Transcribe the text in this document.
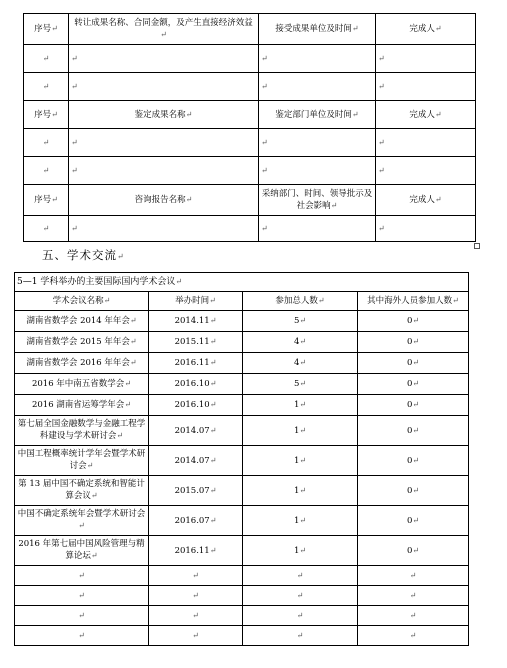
序号↵	转让成果名称、合同金额，及产生直接经济效益↵	接受成果单位及时间↵	完成人↵
↵	↵	↵	↵
↵	↵	↵	↵
序号↵	鉴定成果名称↵	鉴定部门单位及时间↵	完成人↵
↵	↵	↵	↵
↵	↵	↵	↵
序号↵	咨询报告名称↵	采纳部门、时间、领导批示及社会影响↵	完成人↵
↵	↵	↵	↵
五、学术交流↵
5—1 学科举办的主要国际国内学术会议↵			
学术会议名称↵	举办时间↵	参加总人数↵	其中海外人员参加人数↵
湖南省数学会 2014 年年会↵	2014.11↵	5↵	0↵
湖南省数学会 2015 年年会↵	2015.11↵	4↵	0↵
湖南省数学会 2016 年年会↵	2016.11↵	4↵	0↵
2016 年中南五省数学会↵	2016.10↵	5↵	0↵
2016 湖南省运筹学年会↵	2016.10↵	1↵	0↵
第七届全国金融数学与金融工程学科建设与学术研讨会↵	2014.07↵	1↵	0↵
中国工程概率统计学年会暨学术研讨会↵	2014.07↵	1↵	0↵
第 13 届中国不确定系统和智能计算会议↵	2015.07↵	1↵	0↵
中国不确定系统年会暨学术研讨会↵	2016.07↵	1↵	0↵
2016 年第七届中国风险管理与精算论坛↵	2016.11↵	1↵	0↵
↵	↵	↵	↵
↵	↵	↵	↵
↵	↵	↵	↵
↵	↵	↵	↵
